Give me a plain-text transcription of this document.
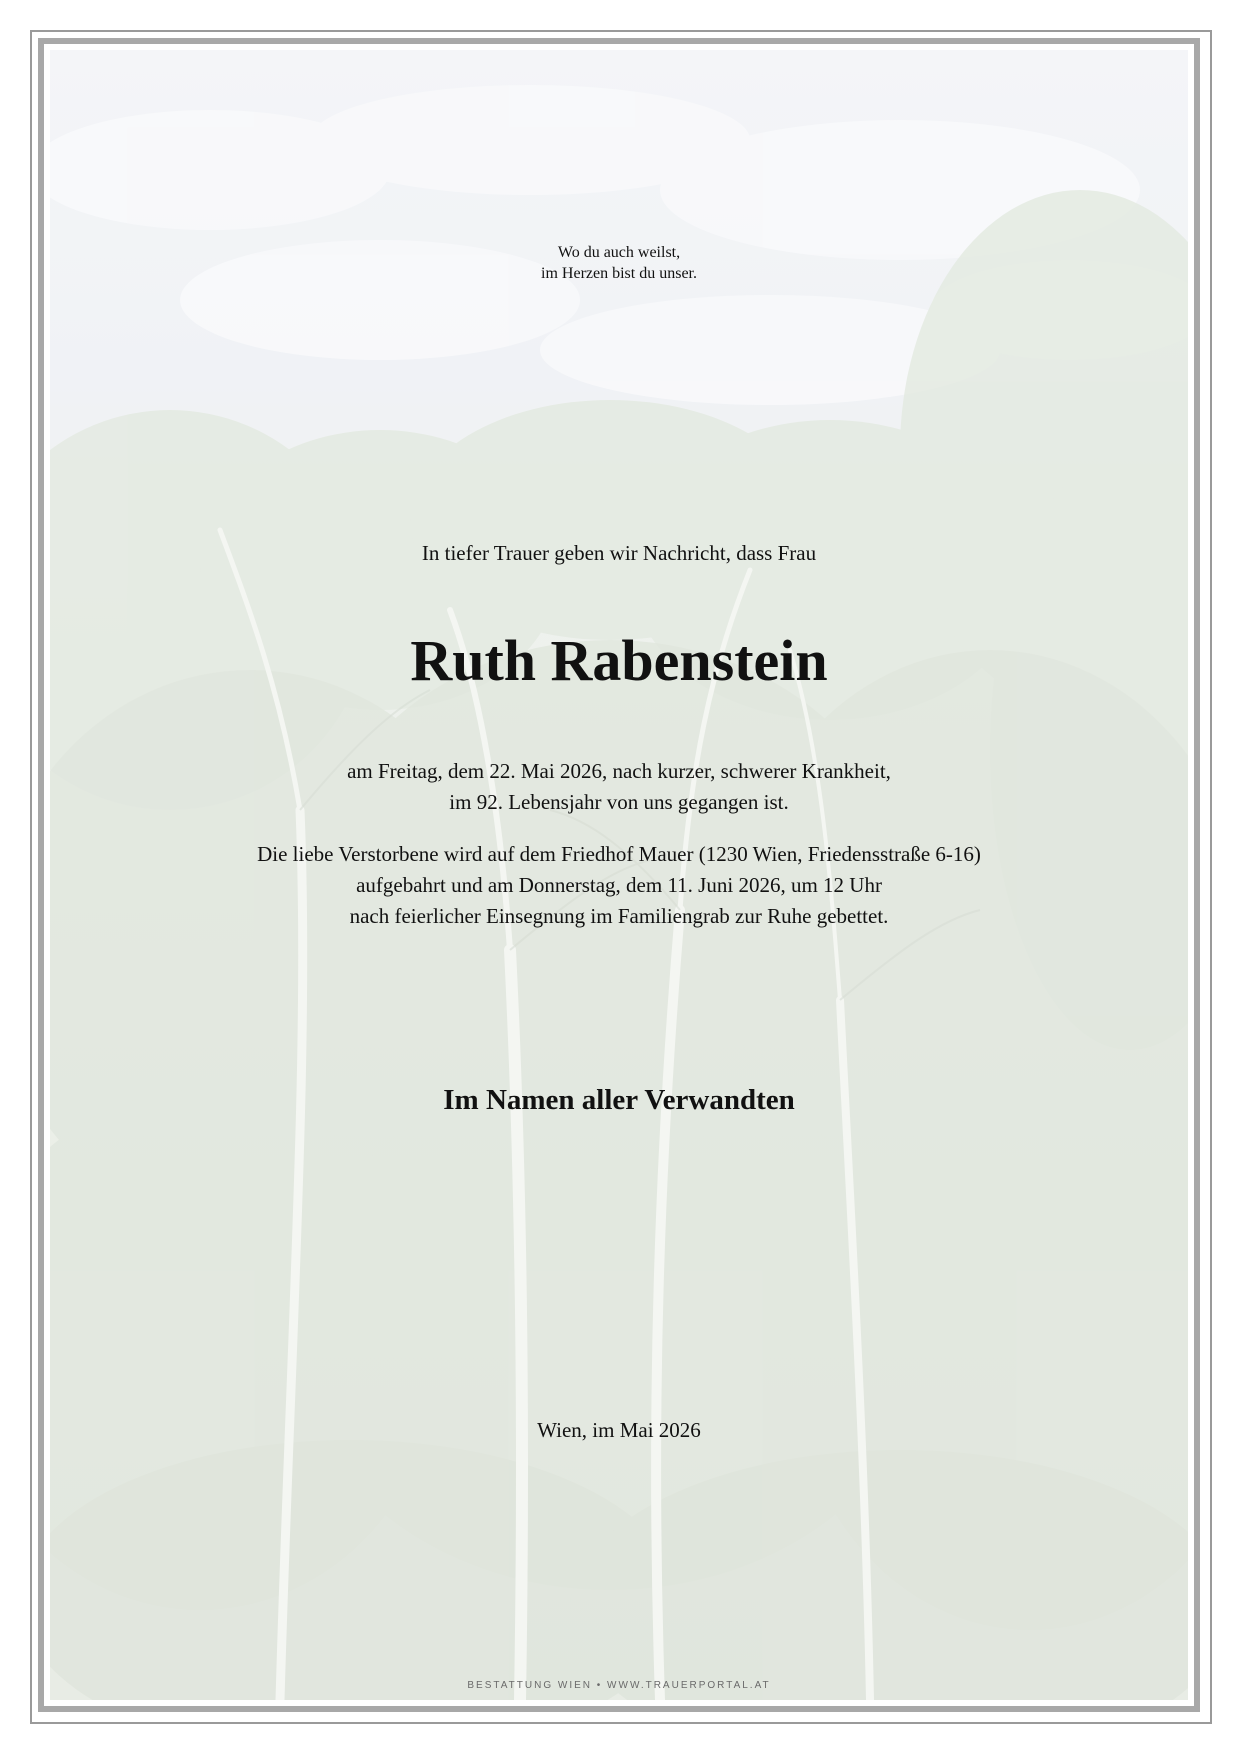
Wo du auch weilst,
im Herzen bist du unser.

In tiefer Trauer geben wir Nachricht, dass Frau

Ruth Rabenstein

am Freitag, dem 22. Mai 2026, nach kurzer, schwerer Krankheit,
im 92. Lebensjahr von uns gegangen ist.

Die liebe Verstorbene wird auf dem Friedhof Mauer (1230 Wien, Friedensstraße 6-16)
aufgebahrt und am Donnerstag, dem 11. Juni 2026, um 12 Uhr
nach feierlicher Einsegnung im Familiengrab zur Ruhe gebettet.

Im Namen aller Verwandten

Wien, im Mai 2026

BESTATTUNG WIEN • WWW.TRAUERPORTAL.AT
